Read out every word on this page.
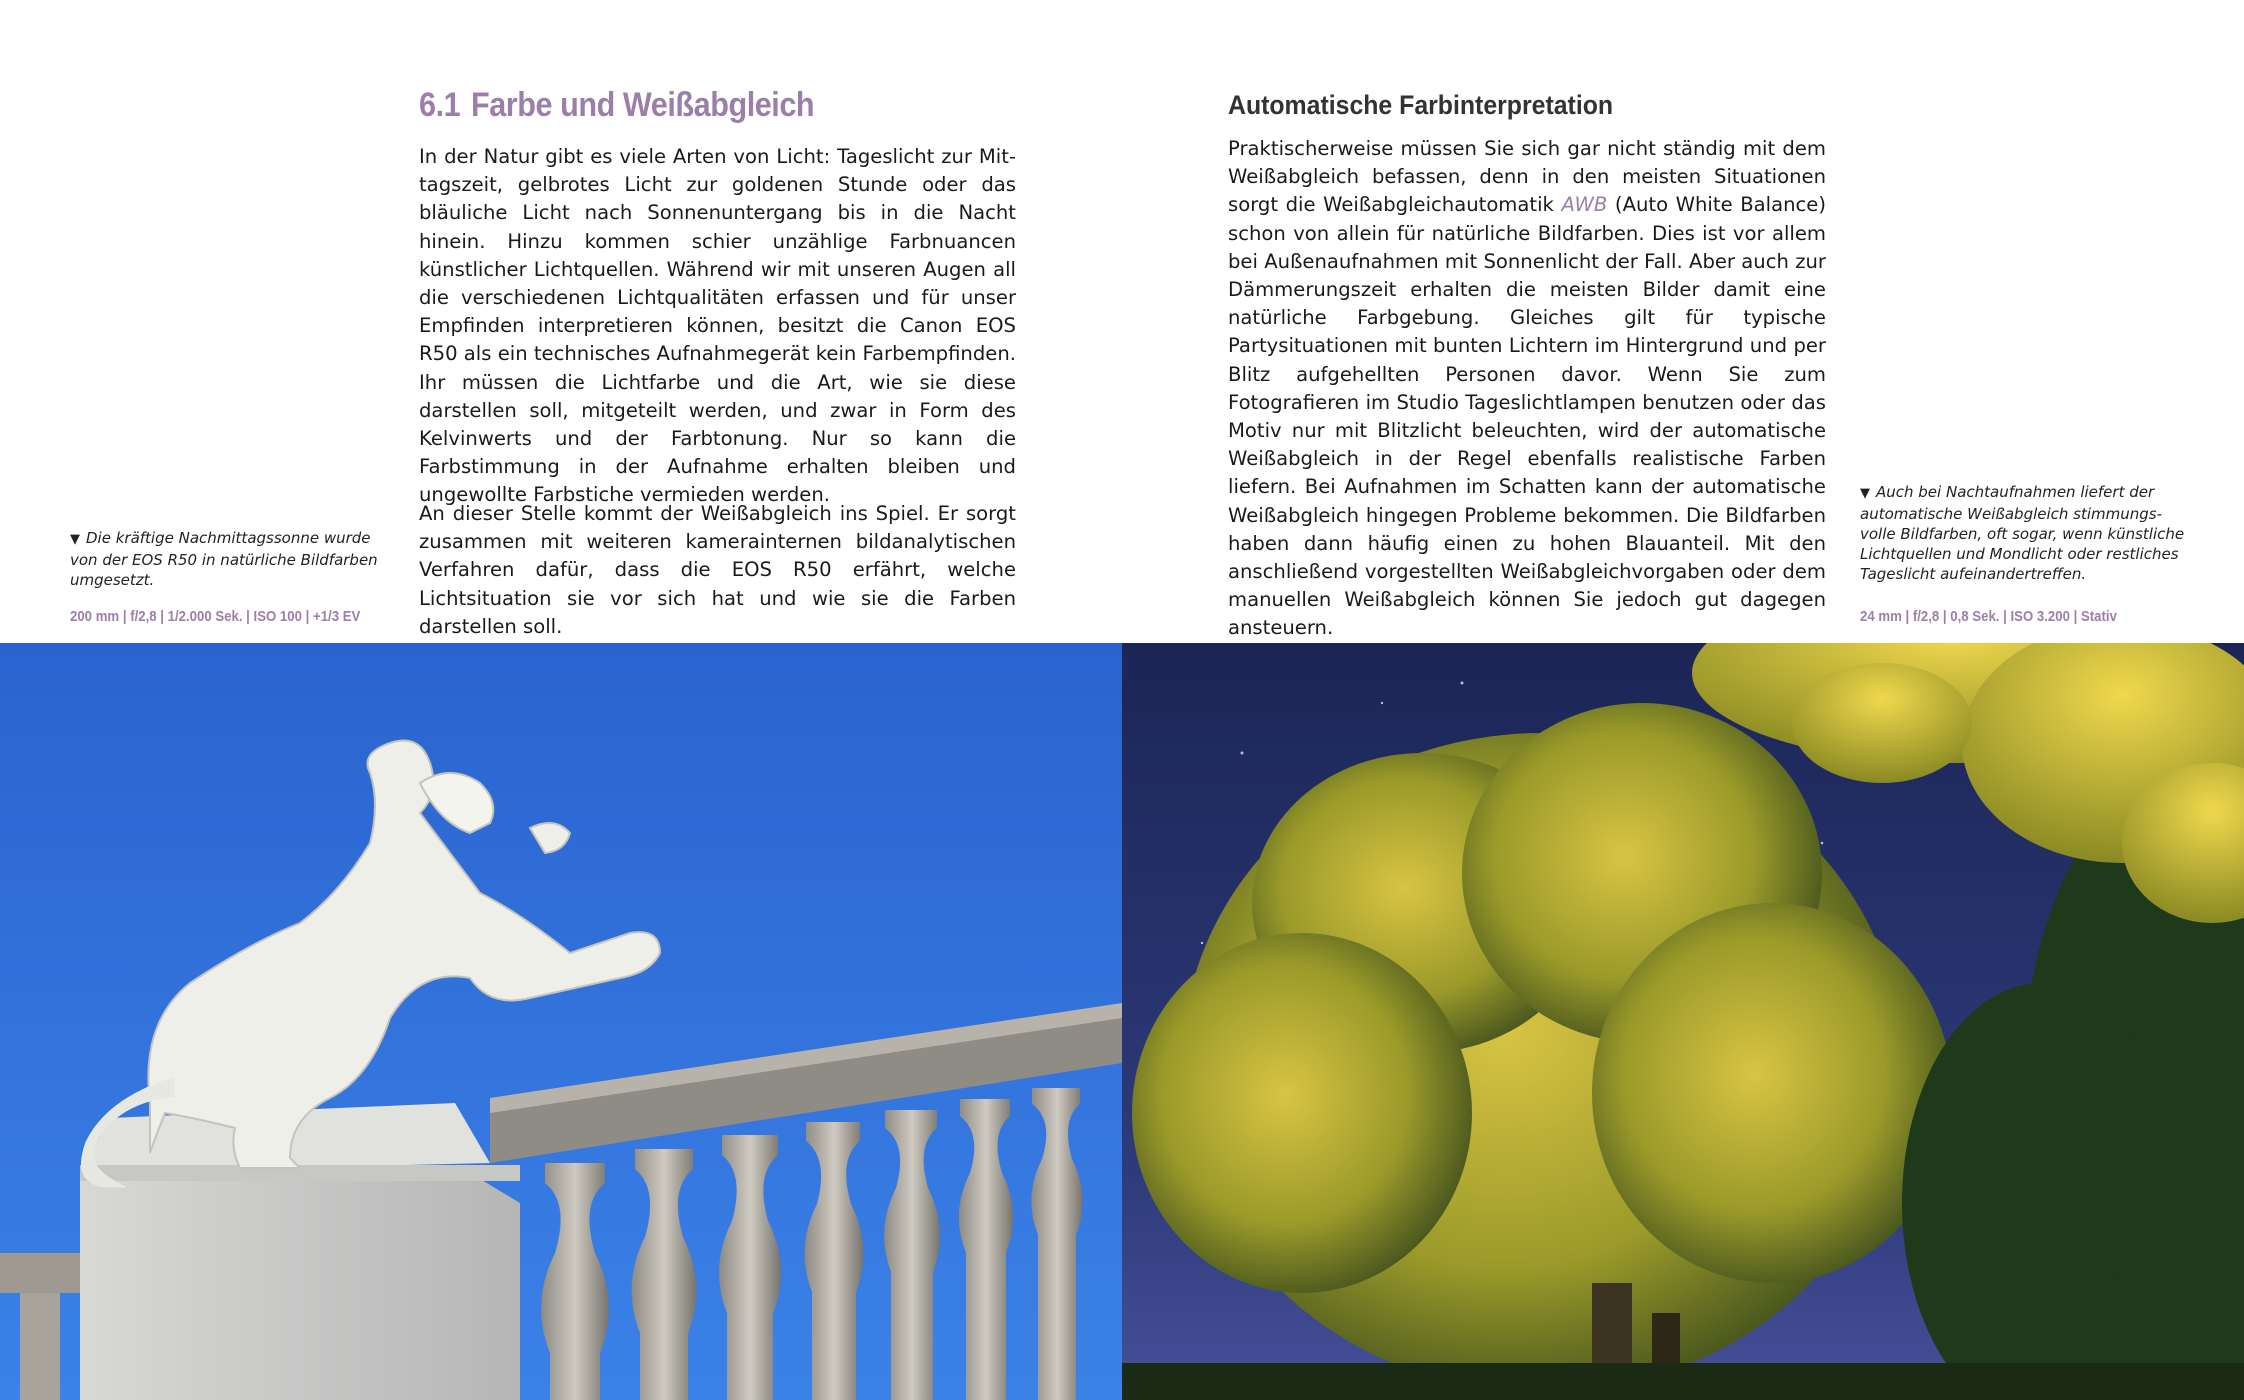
6.1 Farbe und Weißabgleich

In der Natur gibt es viele Arten von Licht: Tageslicht zur Mittagszeit, gelbrotes Licht zur goldenen Stunde oder das bläuliche Licht nach Sonnenuntergang bis in die Nacht hinein. Hinzu kommen schier unzählige Farbnuancen künstlicher Lichtquellen. Während wir mit unseren Augen all die verschiedenen Lichtqualitäten erfassen und für unser Empfinden interpretieren können, besitzt die Canon EOS R50 als ein technisches Aufnahmegerät kein Farbempfinden. Ihr müssen die Lichtfarbe und die Art, wie sie diese darstellen soll, mitgeteilt werden, und zwar in Form des Kelvinwerts und der Farbtonung. Nur so kann die Farbstimmung in der Aufnahme erhalten bleiben und ungewollte Farbstiche vermieden werden.

An dieser Stelle kommt der Weißabgleich ins Spiel. Er sorgt zusammen mit weiteren kamerainternen bildanalytischen Verfahren dafür, dass die EOS R50 erfährt, welche Lichtsituation sie vor sich hat und wie sie die Farben darstellen soll.

▼ Die kräftige Nachmittagssonne wurde von der EOS R50 in natürliche Bildfarben umgesetzt.

200 mm | f/2,8 | 1/2.000 Sek. | ISO 100 | +1/3 EV

Automatische Farbinterpretation

Praktischerweise müssen Sie sich gar nicht ständig mit dem Weißabgleich befassen, denn in den meisten Situationen sorgt die Weißabgleichautomatik AWB (Auto White Balance) schon von allein für natürliche Bildfarben. Dies ist vor allem bei Außenaufnahmen mit Sonnenlicht der Fall. Aber auch zur Dämmerungszeit erhalten die meisten Bilder damit eine natürliche Farbgebung. Gleiches gilt für typische Partysituationen mit bunten Lichtern im Hintergrund und per Blitz aufgehellten Personen davor. Wenn Sie zum Fotografieren im Studio Tageslichtlampen benutzen oder das Motiv nur mit Blitzlicht beleuchten, wird der automatische Weißabgleich in der Regel ebenfalls realistische Farben liefern. Bei Aufnahmen im Schatten kann der automatische Weißabgleich hingegen Probleme bekommen. Die Bildfarben haben dann häufig einen zu hohen Blauanteil. Mit den anschließend vorgestellten Weißabgleichvorgaben oder dem manuellen Weißabgleich können Sie jedoch gut dagegen ansteuern.

▼ Auch bei Nachtaufnahmen liefert der automatische Weißabgleich stimmungsvolle Bildfarben, oft sogar, wenn künstliche Lichtquellen und Mondlicht oder restliches Tageslicht aufeinandertreffen.

24 mm | f/2,8 | 0,8 Sek. | ISO 3.200 | Stativ
